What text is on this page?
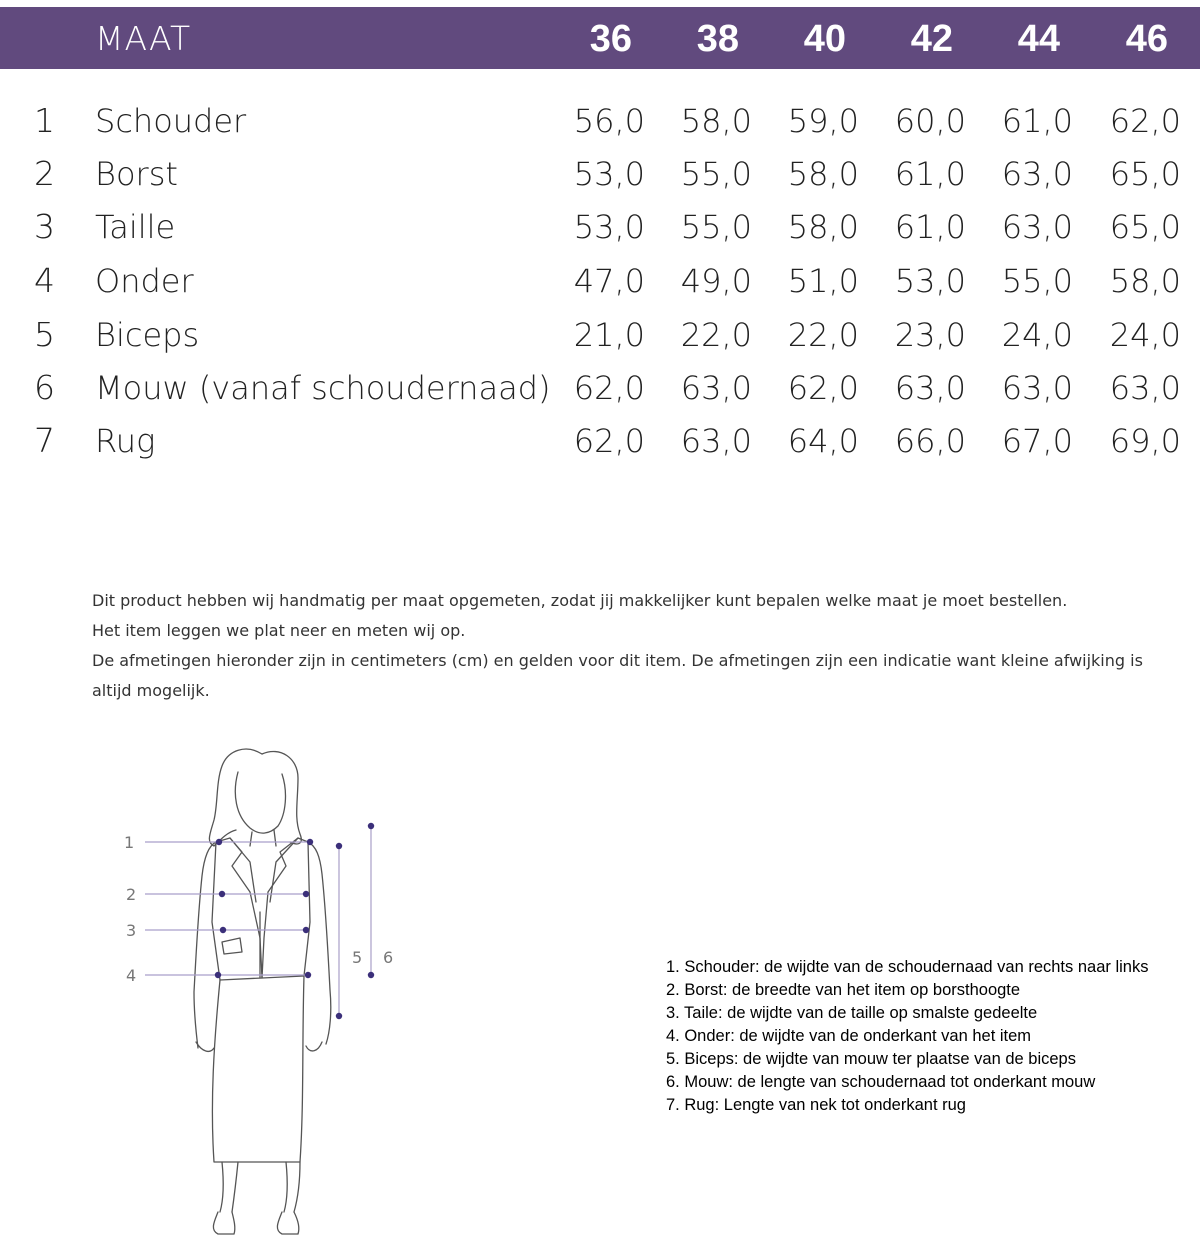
MAAT	36	38	40	42	44	46
1 Schouder	56,0	58,0	59,0	60,0	61,0	62,0
2 Borst	53,0	55,0	58,0	61,0	63,0	65,0
3 Taille	53,0	55,0	58,0	61,0	63,0	65,0
4 Onder	47,0	49,0	51,0	53,0	55,0	58,0
5 Biceps	21,0	22,0	22,0	23,0	24,0	24,0
6 Mouw (vanaf schoudernaad) 62,0	63,0	62,0	63,0	63,0	63,0
7 Rug	62,0	63,0	64,0	66,0	67,0	69,0

Dit product hebben wij handmatig per maat opgemeten, zodat jij makkelijker kunt bepalen welke maat je moet bestellen.

Het item leggen we plat neer en meten wij op.

De afmetingen hieronder zijn in centimeters (cm) en gelden voor dit item. De afmetingen zijn een indicatie want kleine afwijking is altijd mogelijk.

1
2
3
4
5 6	1. Schouder: de wijdte van de schoudernaad van rechts naar links
2. Borst: de breedte van het item op borsthoogte
3. Taile: de wijdte van de taille op smalste gedeelte
4. Onder: de wijdte van de onderkant van het item
5. Biceps: de wijdte van mouw ter plaatse van de biceps
6. Mouw: de lengte van schoudernaad tot onderkant mouw
7. Rug: Lengte van nek tot onderkant rug
